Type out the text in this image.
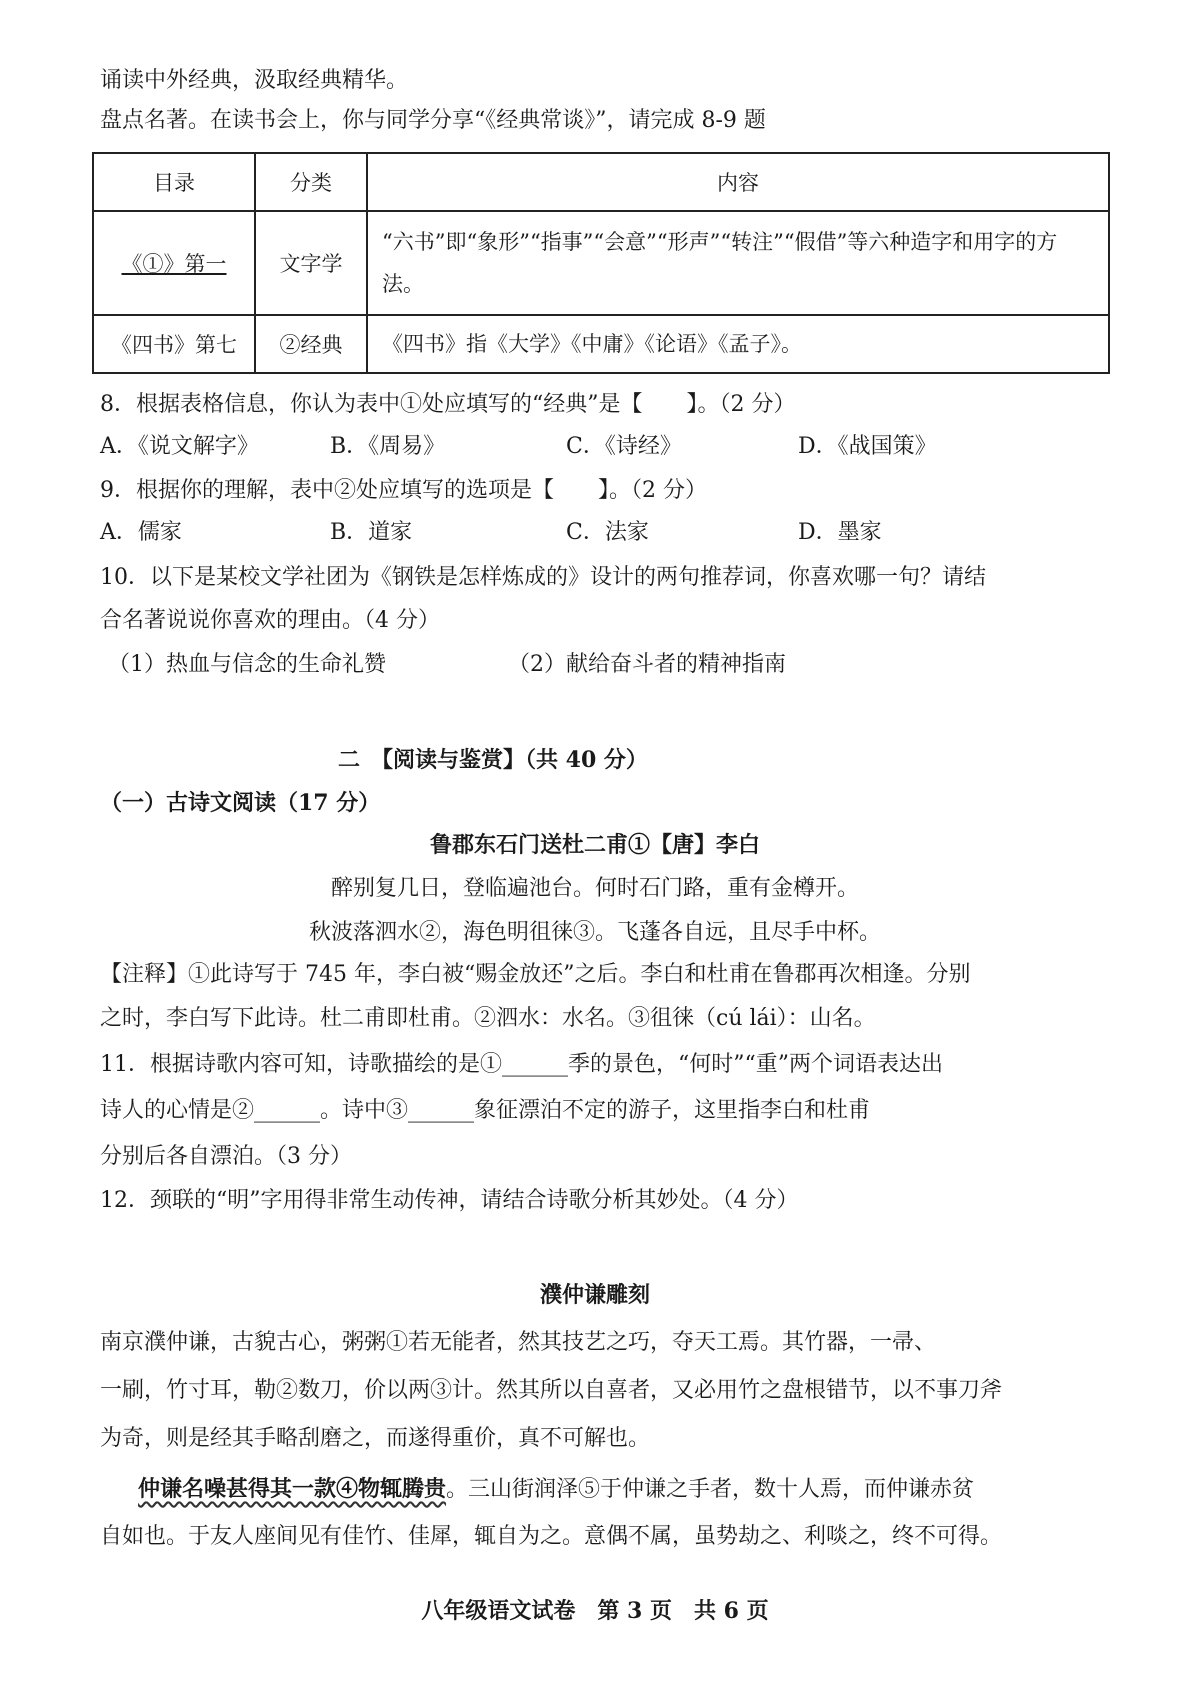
诵读中外经典，汲取经典精华。
盘点名著。在读书会上，你与同学分享“《经典常谈》”，请完成 8-9 题
目录	分类	内容
《①》第一	文字学	“六书”即“象形”“指事”“会意”“形声”“转注”“假借”等六种造字和用字的方法。
《四书》第七	②经典	《四书》指《大学》《中庸》《论语》《孟子》。
8．根据表格信息，你认为表中①处应填写的“经典”是【　　】。（2 分）
A．《说文解字》	B．《周易》	C．《诗经》	D．《战国策》
9．根据你的理解，表中②处应填写的选项是【　　】。（2 分）
A．儒家	B．道家	C．法家	D．墨家
10．以下是某校文学社团为《钢铁是怎样炼成的》设计的两句推荐词，你喜欢哪一句？请结
合名著说说你喜欢的理由。（4 分）
（1）热血与信念的生命礼赞	（2）献给奋斗者的精神指南
二　【阅读与鉴赏】（共 40 分）
（一）古诗文阅读（17 分）
鲁郡东石门送杜二甫①【唐】李白
醉别复几日，登临遍池台。何时石门路，重有金樽开。
秋波落泗水②，海色明徂徕③。飞蓬各自远，且尽手中杯。
【注释】①此诗写于 745 年，李白被“赐金放还”之后。李白和杜甫在鲁郡再次相逢。分别
之时，李白写下此诗。杜二甫即杜甫。②泗水：水名。③徂徕（cú lái）：山名。
11．根据诗歌内容可知，诗歌描绘的是①______季的景色，“何时”“重”两个词语表达出
诗人的心情是②______。诗中③______象征漂泊不定的游子，这里指李白和杜甫
分别后各自漂泊。（3 分）
12．颈联的“明”字用得非常生动传神，请结合诗歌分析其妙处。（4 分）
濮仲谦雕刻
南京濮仲谦，古貌古心，粥粥①若无能者，然其技艺之巧，夺天工焉。其竹器，一帚、
一刷，竹寸耳，勒②数刀，价以两③计。然其所以自喜者，又必用竹之盘根错节，以不事刀斧
为奇，则是经其手略刮磨之，而遂得重价，真不可解也。
仲谦名噪甚得其一款④物辄腾贵。三山街润泽⑤于仲谦之手者，数十人焉，而仲谦赤贫
自如也。于友人座间见有佳竹、佳犀，辄自为之。意偶不属，虽势劫之、利啖之，终不可得。
八年级语文试卷　第 3 页　共 6 页
